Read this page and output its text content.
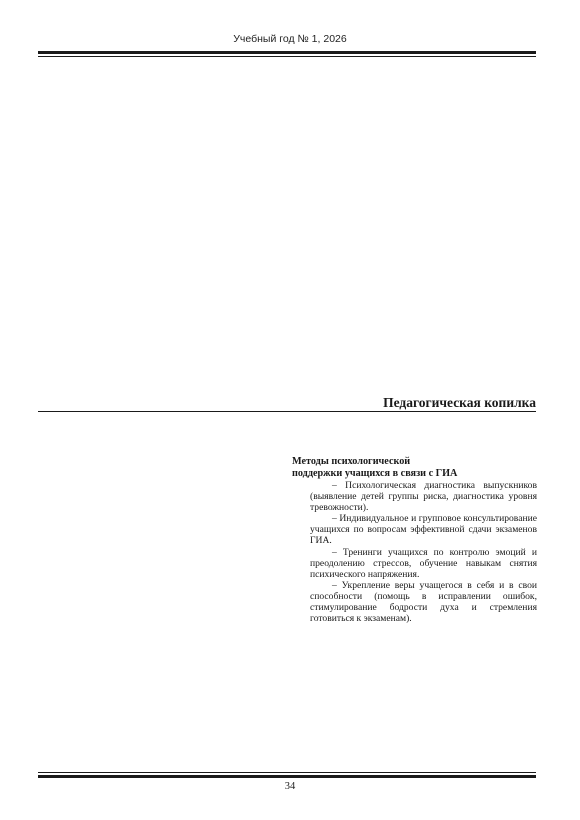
Учебный год № 1, 2026
Педагогическая копилка
Методы психологической
поддержки учащихся в связи с ГИА

– Психологическая диагностика выпускников (выявление детей группы риска, диагностика уровня тревожности).

– Индивидуальное и групповое консультирование учащихся по вопросам эффективной сдачи экзаменов ГИА.

– Тренинги учащихся по контролю эмоций и преодолению стрессов, обучение навыкам снятия психического напряжения.

– Укрепление веры учащегося в себя и в свои способности (помощь в исправлении ошибок, стимулирование бодрости духа и стремления готовиться к экзаменам).

34
